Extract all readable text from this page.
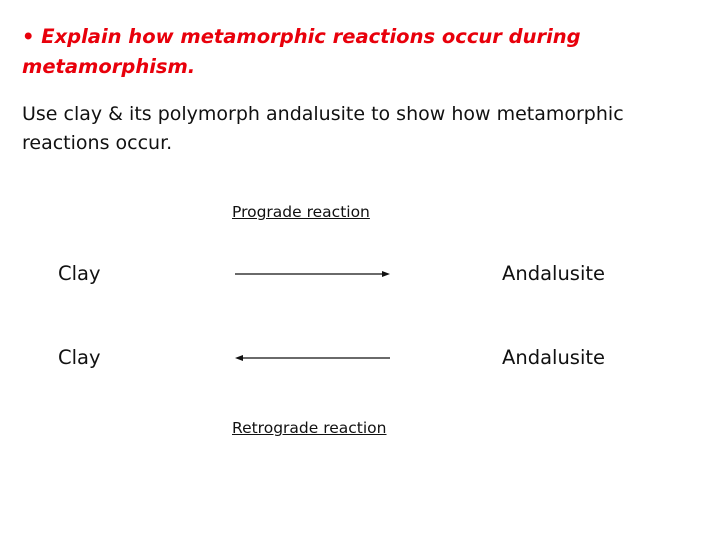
• Explain how metamorphic reactions occur during metamorphism.

Use clay & its polymorph andalusite to show how metamorphic reactions occur.

Prograde reaction
Clay	Andalusite
Clay	Andalusite
Retrograde reaction
